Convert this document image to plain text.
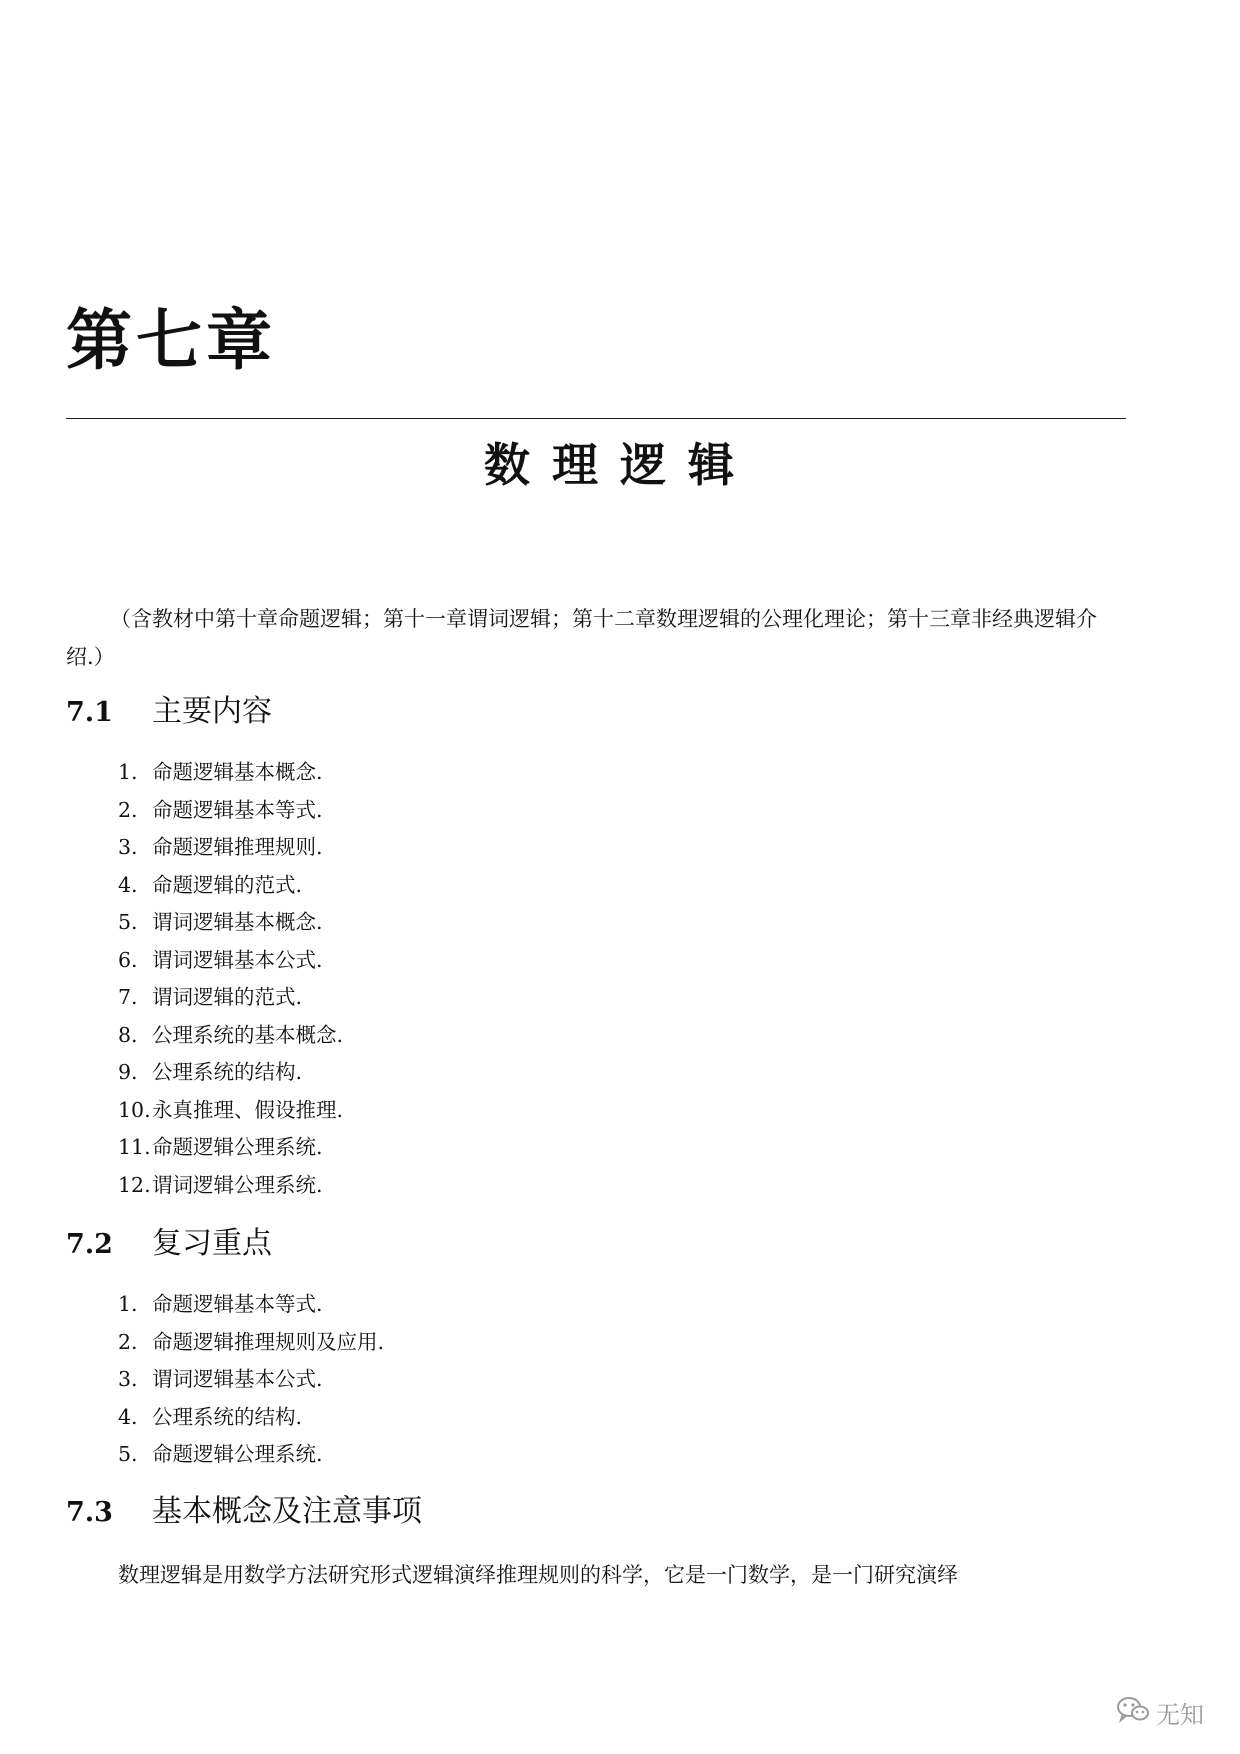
第七章
数理逻辑

（含教材中第十章命题逻辑；第十一章谓词逻辑；第十二章数理逻辑的公理化理论；第十三章非经典逻辑介绍.）

7.1 主要内容
1. 命题逻辑基本概念.
2. 命题逻辑基本等式.
3. 命题逻辑推理规则.
4. 命题逻辑的范式.
5. 谓词逻辑基本概念.
6. 谓词逻辑基本公式.
7. 谓词逻辑的范式.
8. 公理系统的基本概念.
9. 公理系统的结构.
10.永真推理、假设推理.
11.命题逻辑公理系统.
12.谓词逻辑公理系统.
7.2 复习重点
1. 命题逻辑基本等式.
2. 命题逻辑推理规则及应用.
3. 谓词逻辑基本公式.
4. 公理系统的结构.
5. 命题逻辑公理系统.
7.3 基本概念及注意事项

数理逻辑是用数学方法研究形式逻辑演绎推理规则的科学，它是一门数学，是一门研究演绎

无知
